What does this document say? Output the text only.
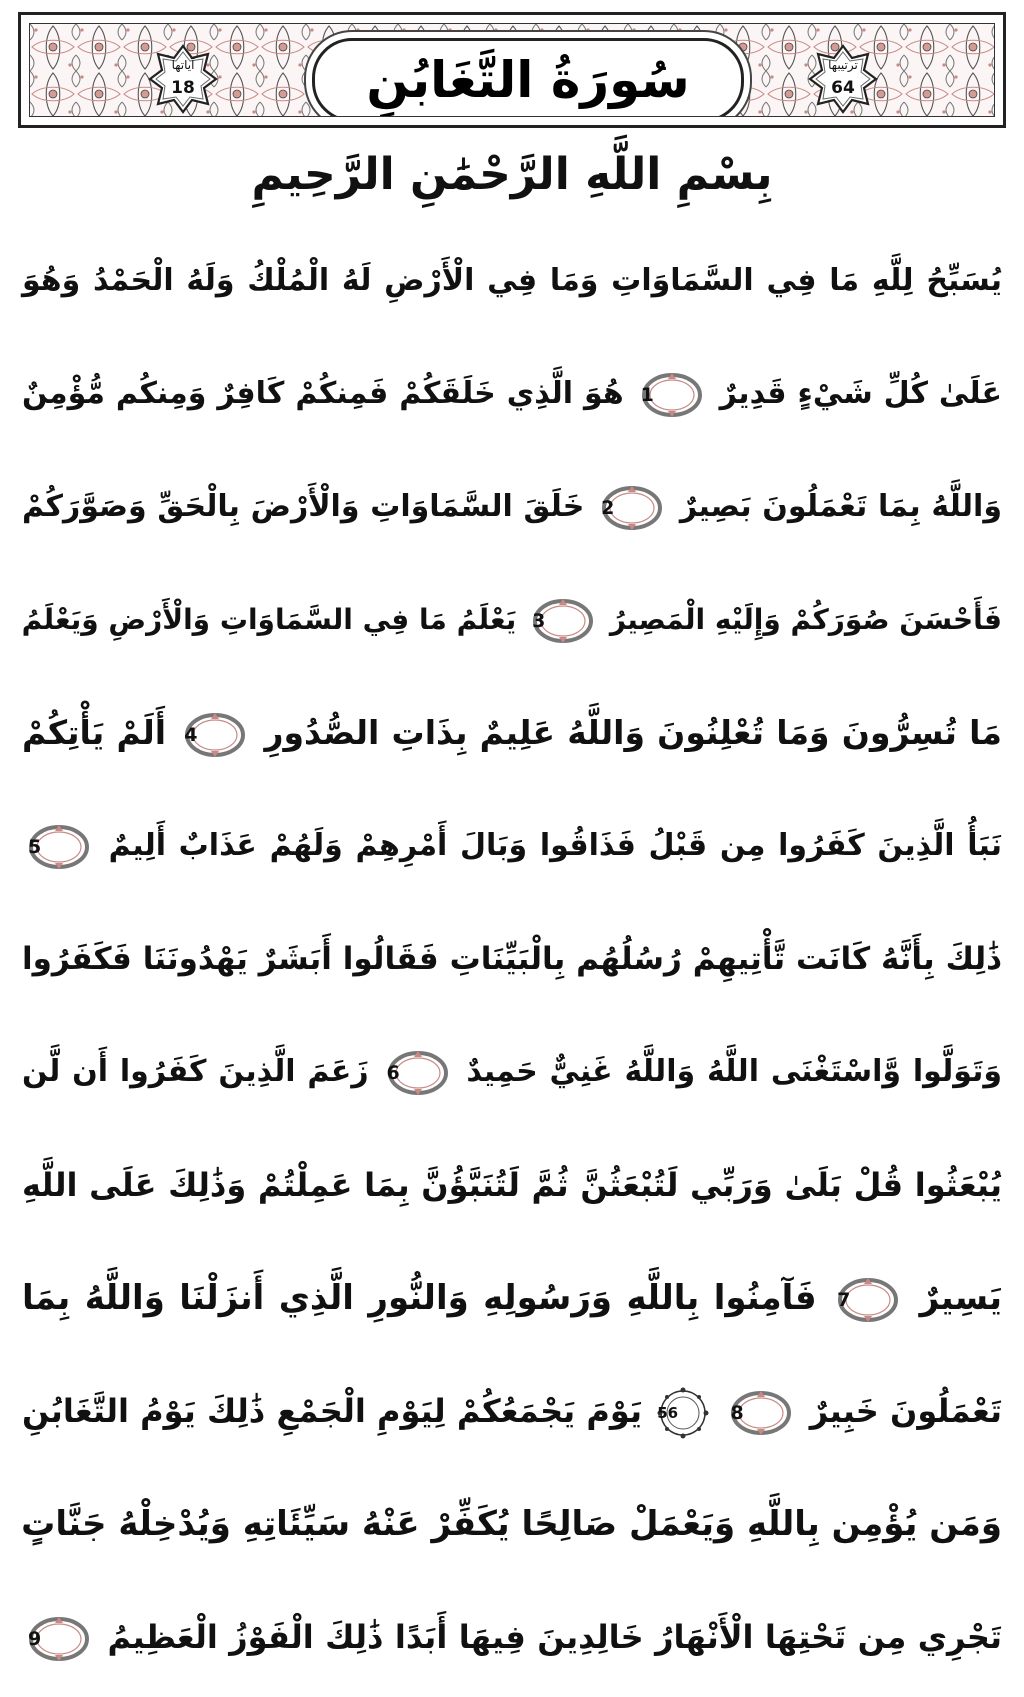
آياتها
18
ترتيبها
64
سُورَةُ التَّغَابُنِ
بِسْمِ اللَّهِ الرَّحْمَٰنِ الرَّحِيمِ
يُسَبِّحُ لِلَّهِ مَا فِي السَّمَاوَاتِ وَمَا فِي الْأَرْضِ لَهُ الْمُلْكُ وَلَهُ الْحَمْدُ وَهُوَ
عَلَىٰ كُلِّ شَيْءٍ قَدِيرٌ
1
هُوَ الَّذِي خَلَقَكُمْ فَمِنكُمْ كَافِرٌ وَمِنكُم مُّؤْمِنٌ
وَاللَّهُ بِمَا تَعْمَلُونَ بَصِيرٌ
2
خَلَقَ السَّمَاوَاتِ وَالْأَرْضَ بِالْحَقِّ وَصَوَّرَكُمْ
فَأَحْسَنَ صُوَرَكُمْ وَإِلَيْهِ الْمَصِيرُ
3
يَعْلَمُ مَا فِي السَّمَاوَاتِ وَالْأَرْضِ وَيَعْلَمُ
مَا تُسِرُّونَ وَمَا تُعْلِنُونَ وَاللَّهُ عَلِيمٌ بِذَاتِ الصُّدُورِ
4
أَلَمْ يَأْتِكُمْ
نَبَأُ الَّذِينَ كَفَرُوا مِن قَبْلُ فَذَاقُوا وَبَالَ أَمْرِهِمْ وَلَهُمْ عَذَابٌ أَلِيمٌ
5
ذَٰلِكَ بِأَنَّهُ كَانَت تَّأْتِيهِمْ رُسُلُهُم بِالْبَيِّنَاتِ فَقَالُوا أَبَشَرٌ يَهْدُونَنَا فَكَفَرُوا
وَتَوَلَّوا وَّاسْتَغْنَى اللَّهُ وَاللَّهُ غَنِيٌّ حَمِيدٌ
6
زَعَمَ الَّذِينَ كَفَرُوا أَن لَّن
يُبْعَثُوا قُلْ بَلَىٰ وَرَبِّي لَتُبْعَثُنَّ ثُمَّ لَتُنَبَّؤُنَّ بِمَا عَمِلْتُمْ وَذَٰلِكَ عَلَى اللَّهِ
يَسِيرٌ
7
فَآمِنُوا بِاللَّهِ وَرَسُولِهِ وَالنُّورِ الَّذِي أَنزَلْنَا وَاللَّهُ بِمَا
تَعْمَلُونَ خَبِيرٌ
8

56
يَوْمَ يَجْمَعُكُمْ لِيَوْمِ الْجَمْعِ ذَٰلِكَ يَوْمُ التَّغَابُنِ
وَمَن يُؤْمِن بِاللَّهِ وَيَعْمَلْ صَالِحًا يُكَفِّرْ عَنْهُ سَيِّئَاتِهِ وَيُدْخِلْهُ جَنَّاتٍ
تَجْرِي مِن تَحْتِهَا الْأَنْهَارُ خَالِدِينَ فِيهَا أَبَدًا ذَٰلِكَ الْفَوْزُ الْعَظِيمُ
9
